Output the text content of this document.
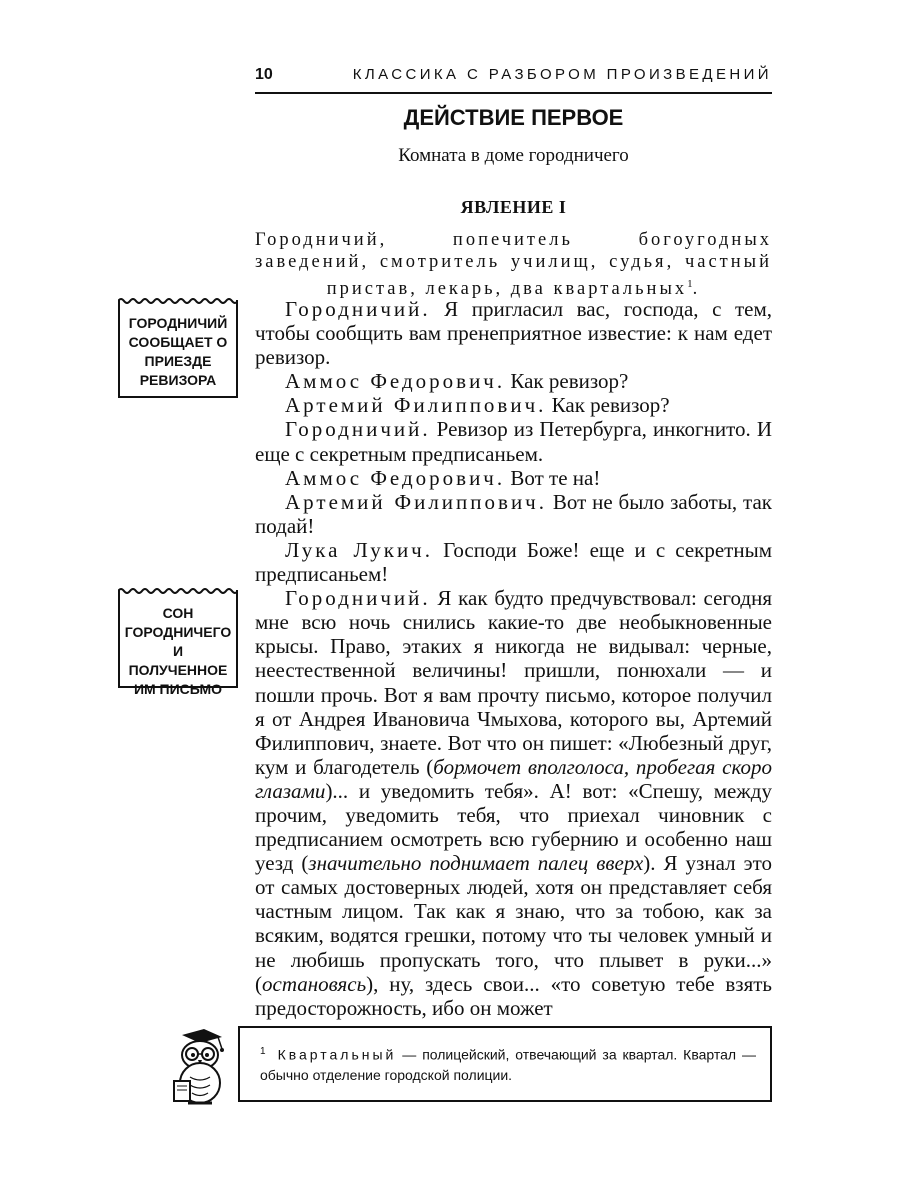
10	КЛАССИКА С РАЗБОРОМ ПРОИЗВЕДЕНИЙ
ДЕЙСТВИЕ ПЕРВОЕ
Комната в доме городничего
ЯВЛЕНИЕ I
Городничий, попечитель богоугодных заведений, смотритель училищ, судья, частный пристав, лекарь, два квартальных$^1$.
ГОРОДНИЧИЙ СООБЩАЕТ О ПРИЕЗДЕ РЕВИЗОРА
СОН ГОРОДНИЧЕГО И ПОЛУЧЕННОЕ ИМ ПИСЬМО

Городничий. Я пригласил вас, господа, с тем, чтобы сообщить вам пренеприятное известие: к нам едет ревизор.

Аммос Федорович. Как ревизор?

Артемий Филиппович. Как ревизор?

Городничий. Ревизор из Петербурга, инкогнито. И еще с секретным предписаньем.

Аммос Федорович. Вот те на!

Артемий Филиппович. Вот не было заботы, так подай!

Лука Лукич. Господи Боже! еще и с секретным предписаньем!

Городничий. Я как будто предчувствовал: сегодня мне всю ночь снились какие-то две необыкновенные крысы. Право, этаких я никогда не видывал: черные, неестественной величины! пришли, понюхали — и пошли прочь. Вот я вам прочту письмо, которое получил я от Андрея Ивановича Чмыхова, которого вы, Артемий Филиппович, знаете. Вот что он пишет: «Любезный друг, кум и благодетель (бормочет вполголоса, пробегая скоро глазами)... и уведомить тебя». А! вот: «Спешу, между прочим, уведомить тебя, что приехал чиновник с предписанием осмотреть всю губернию и особенно наш уезд (значительно поднимает палец вверх). Я узнал это от самых достоверных людей, хотя он представляет себя частным лицом. Так как я знаю, что за тобою, как за всяким, водятся грешки, потому что ты человек умный и не любишь пропускать того, что плывет в руки...» (остановясь), ну, здесь свои... «то советую тебе взять предосторожность, ибо он может

$^1$ Квартальный — полицейский, отвечающий за квартал. Квартал — обычно отделение городской полиции.
